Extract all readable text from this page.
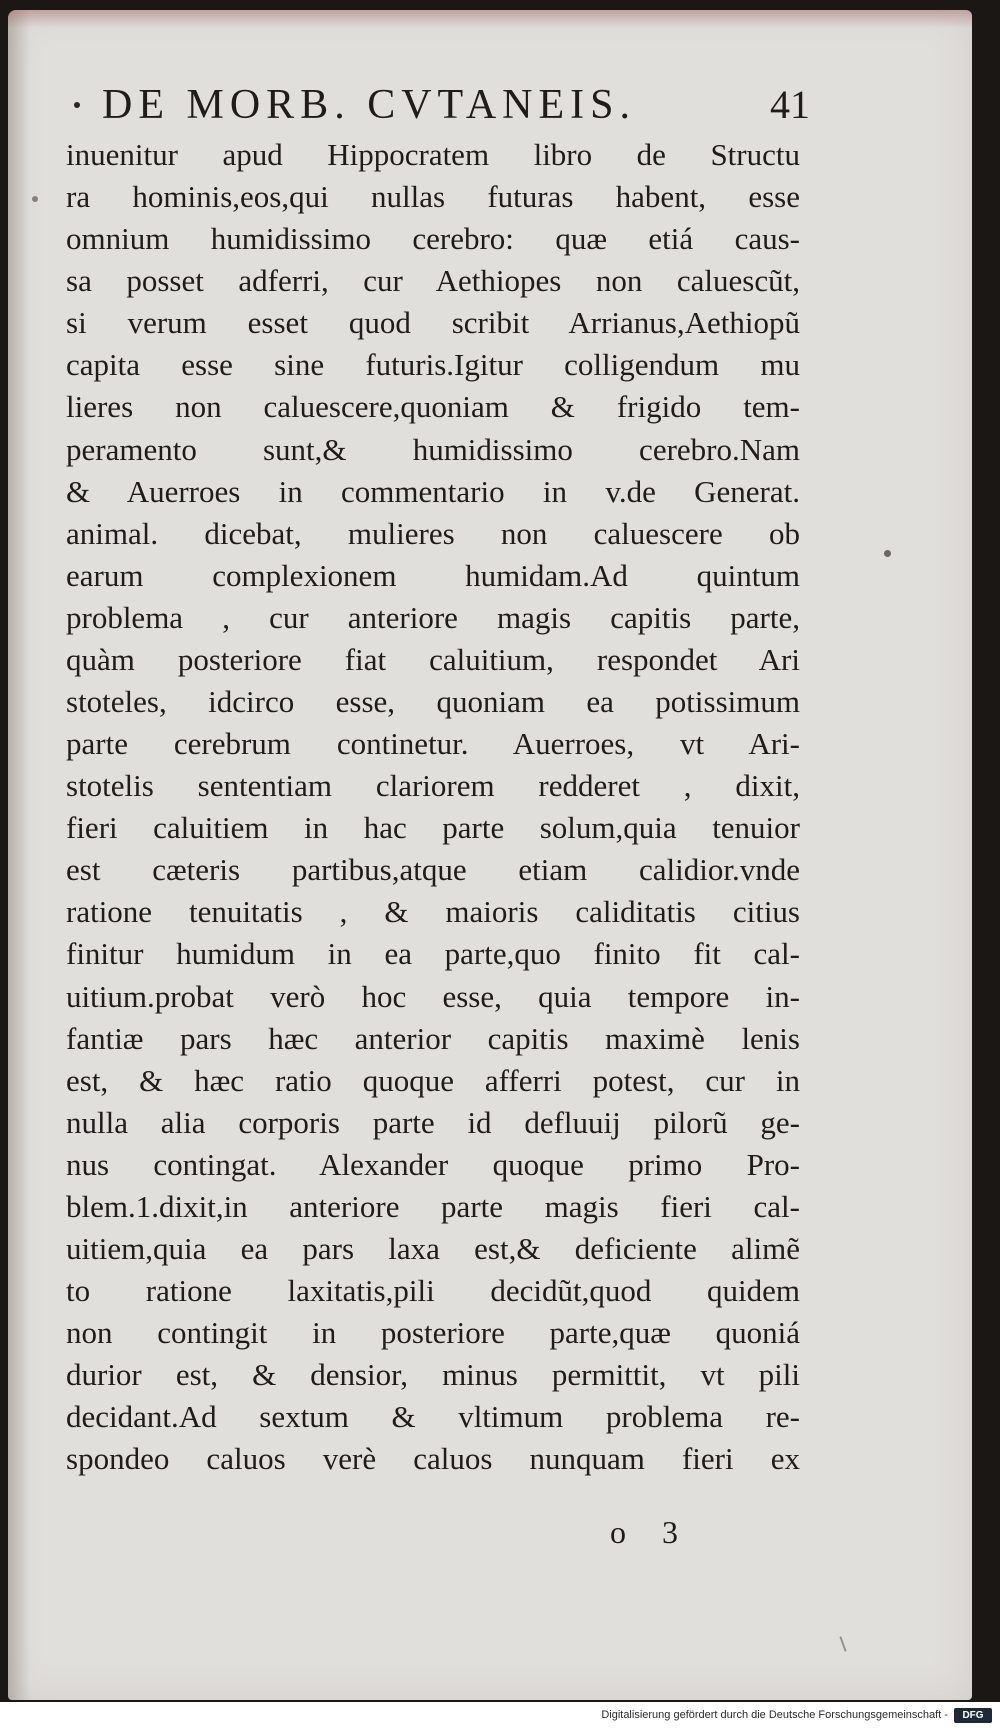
DE MORB. CVTANEIS.	41
inuenitur apud Hippocratem libro de Structu
ra hominis,eos,qui nullas futuras habent, esse
omnium humidissimo cerebro: quæ etiá caus-
sa posset adferri, cur Aethiopes non caluescũt,
si verum esset quod scribit Arrianus,Aethiopũ
capita esse sine futuris.Igitur colligendum mu
lieres non caluescere,quoniam & frigido tem-
peramento sunt,& humidissimo cerebro.Nam
& Auerroes in commentario in v.de Generat.
animal. dicebat, mulieres non caluescere ob
earum complexionem humidam.Ad quintum
problema , cur anteriore magis capitis parte,
quàm posteriore fiat caluitium, respondet Ari
stoteles, idcirco esse, quoniam ea potissimum
parte cerebrum continetur. Auerroes, vt Ari-
stotelis sententiam clariorem redderet , dixit,
fieri caluitiem in hac parte solum,quia tenuior
est cæteris partibus,atque etiam calidior.vnde
ratione tenuitatis , & maioris caliditatis citius
finitur humidum in ea parte,quo finito fit cal-
uitium.probat verò hoc esse, quia tempore in-
fantiæ pars hæc anterior capitis maximè lenis
est, & hæc ratio quoque afferri potest, cur in
nulla alia corporis parte id defluuij pilorũ ge-
nus contingat. Alexander quoque primo Pro-
blem.1.dixit,in anteriore parte magis fieri cal-
uitiem,quia ea pars laxa est,& deficiente alimẽ
to ratione laxitatis,pili decidũt,quod quidem
non contingit in posteriore parte,quæ quoniá
durior est, & densior, minus permittit, vt pili
decidant.Ad sextum & vltimum problema re-
spondeo caluos verè caluos nunquam fieri ex
o 3
Digitalisierung gefördert durch die Deutsche Forschungsgemeinschaft -	DFG
